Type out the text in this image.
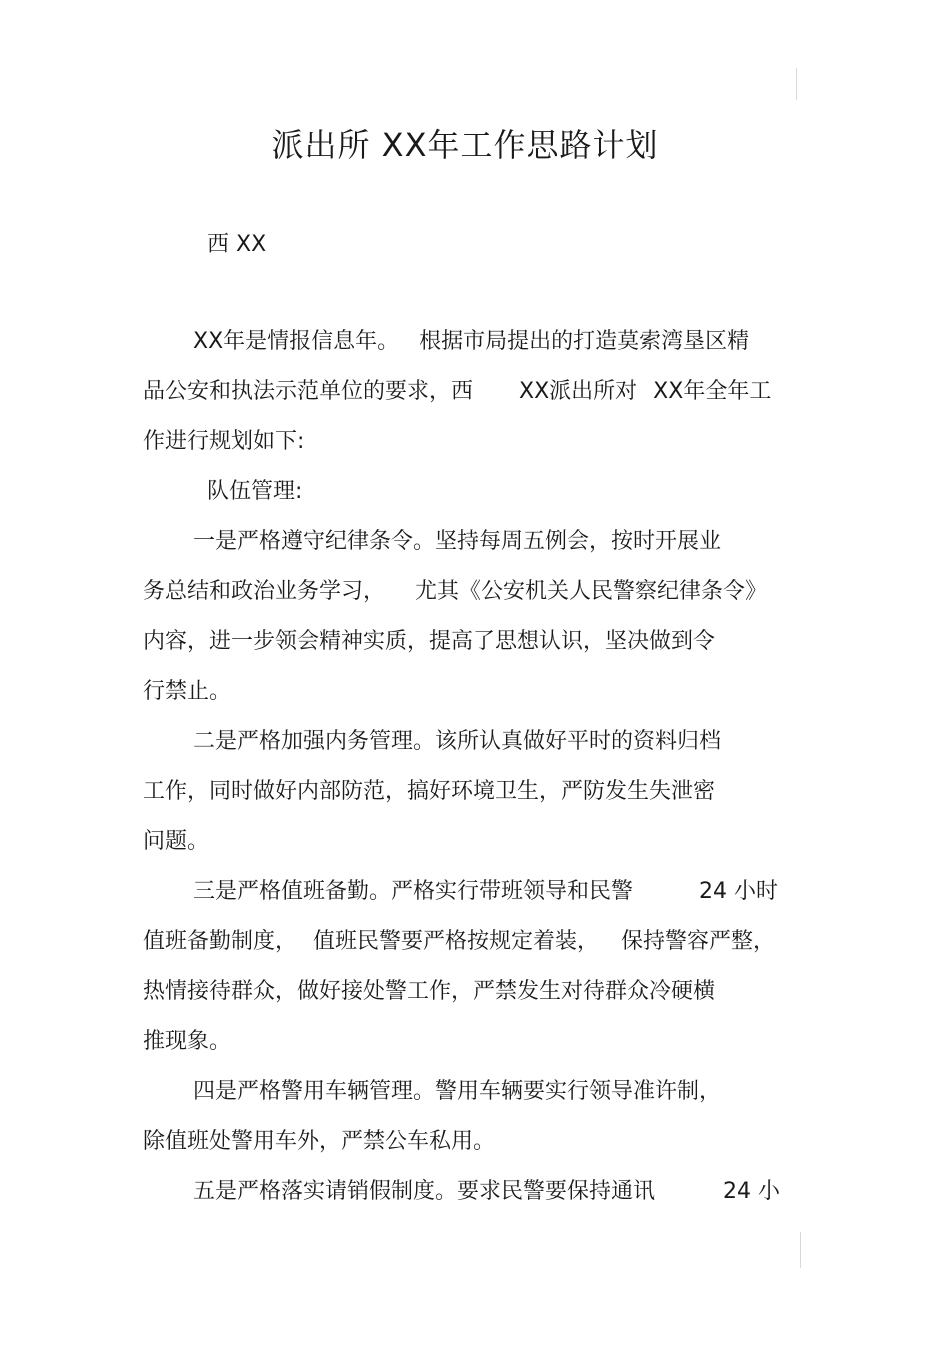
派出所 XX年工作思路计划

西 XX

XX年是情报信息年。 根据市局提出的打造莫索湾垦区精

品公安和执法示范单位的要求，西 XX派出所对 XX年全年工

作进行规划如下:

队伍管理:

一是严格遵守纪律条令。坚持每周五例会，按时开展业

务总结和政治业务学习， 尤其《公安机关人民警察纪律条令》

内容，进一步领会精神实质，提高了思想认识，坚决做到令

行禁止。

二是严格加强内务管理。该所认真做好平时的资料归档

工作，同时做好内部防范，搞好环境卫生，严防发生失泄密

问题。

三是严格值班备勤。严格实行带班领导和民警	24 小时

值班备勤制度， 值班民警要严格按规定着装， 保持警容严整，

热情接待群众，做好接处警工作，严禁发生对待群众冷硬横

推现象。

四是严格警用车辆管理。警用车辆要实行领导准许制，

除值班处警用车外，严禁公车私用。

五是严格落实请销假制度。要求民警要保持通讯	24 小
